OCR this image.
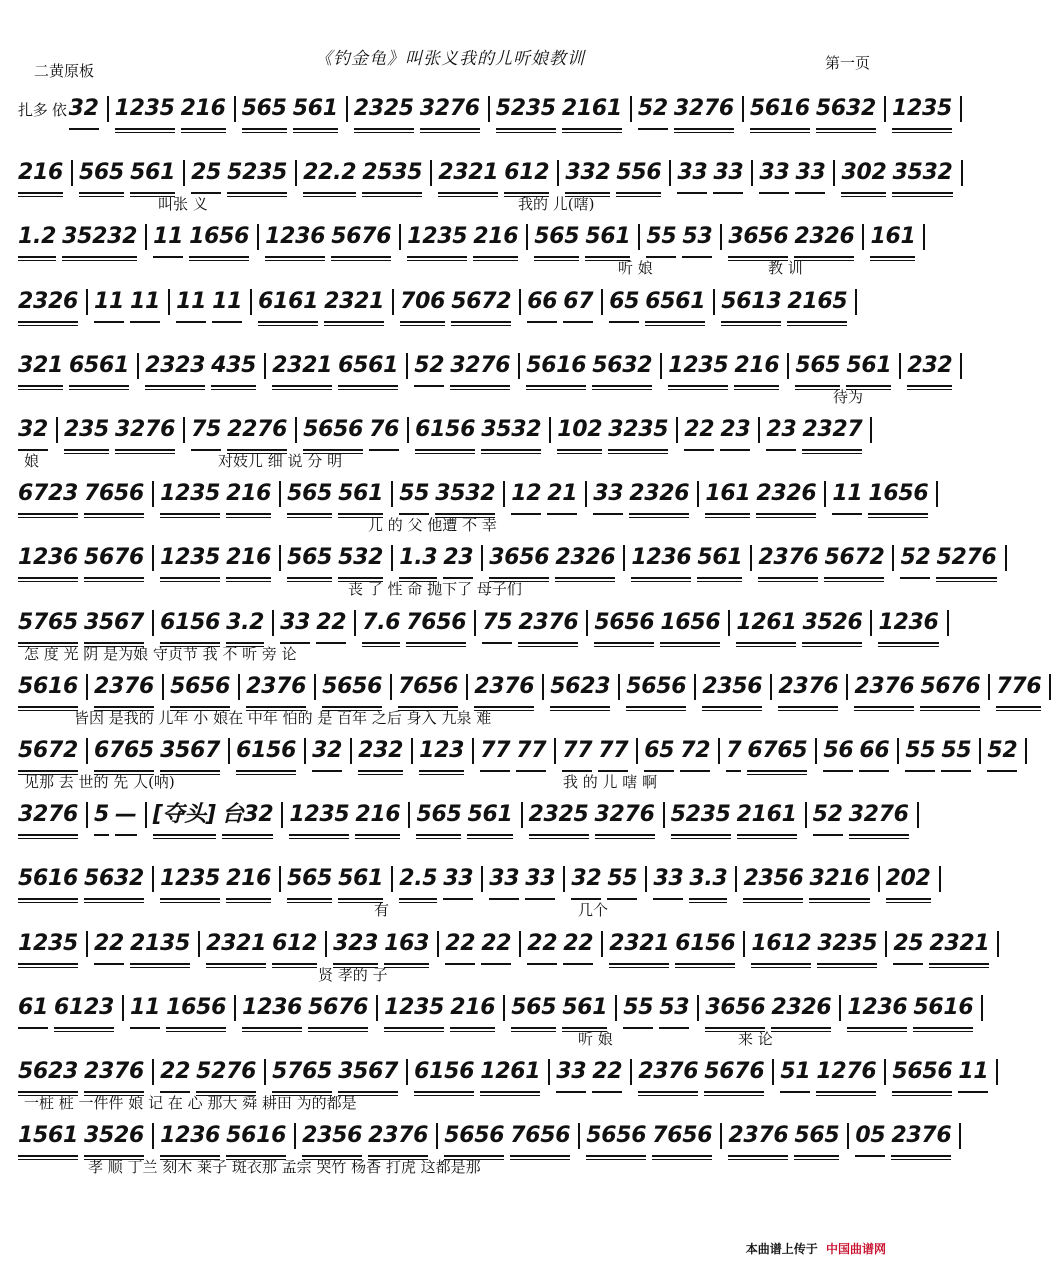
二黄原板
《钓金龟》叫张义我的儿听娘教训	第一页
扎多 依32 1235 216 565 561 2325 3276 5235 2161 52 3276 5616 5632 1235
216 565 561 25 5235 22.2 2535 2321 612 332 556 33 33 33 33 302 3532
叫张 义	我的 儿(嗐)
1.2 35232 11 1656 1236 5676 1235 216 565 561 55 53 3656 2326 161
听 娘	教 训
2326 11 11 11 11 6161 2321 706 5672 66 67 65 6561 5613 2165
321 6561 2323 435 2321 6561 52 3276 5616 5632 1235 216 565 561 232
待为
32 235 3276 75 2276 5656 76 6156 3532 102 3235 22 23 23 2327
娘	对妓儿 细 说 分 明
6723 7656 1235 216 565 561 55 3532 12 21 33 2326 161 2326 11 1656
儿 的 父 他遭 不 幸
1236 5676 1235 216 565 532 1.3 23 3656 2326 1236 561 2376 5672 52 5276
丧 了 性 命 抛下了 母子们
5765 3567 6156 3.2 33 22 7.6 7656 75 2376 5656 1656 1261 3526 1236
怎 度 光 阴 是为娘 守贞节 我 不 听 旁 论
5616 2376 5656 2376 5656 7656 2376 5623 5656 2356 2376 2376 5676 776
皆因 是我的 儿年 小 娘在 中年 怕的 是 百年 之后 身入 九泉 难
5672 6765 3567 6156 32 232 123 77 77 77 77 65 72 7 6765 56 66 55 55 52
见那 去 世的 先 人(呐)	我 的 儿 嗐 啊
3276 5 — [夺头] 台32 1235 216 565 561 2325 3276 5235 2161 52 3276
5616 5632 1235 216 565 561 2.5 33 33 33 32 55 33 3.3 2356 3216 202
有	几个
1235 22 2135 2321 612 323 163 22 22 22 22 2321 6156 1612 3235 25 2321
贤 孝的 子
61 6123 11 1656 1236 5676 1235 216 565 561 55 53 3656 2326 1236 5616
听 娘	来 论
5623 2376 22 5276 5765 3567 6156 1261 33 22 2376 5676 51 1276 5656 11
一桩 桩 一件件 娘 记 在 心 那大 舜 耕田 为的都是
1561 3526 1236 5616 2356 2376 5656 7656 5656 7656 2376 565 05 2376
孝 顺 丁兰 刻木 莱子 斑衣那 孟宗 哭竹 杨香 打虎 这都是那
本曲谱上传于 中国曲谱网
